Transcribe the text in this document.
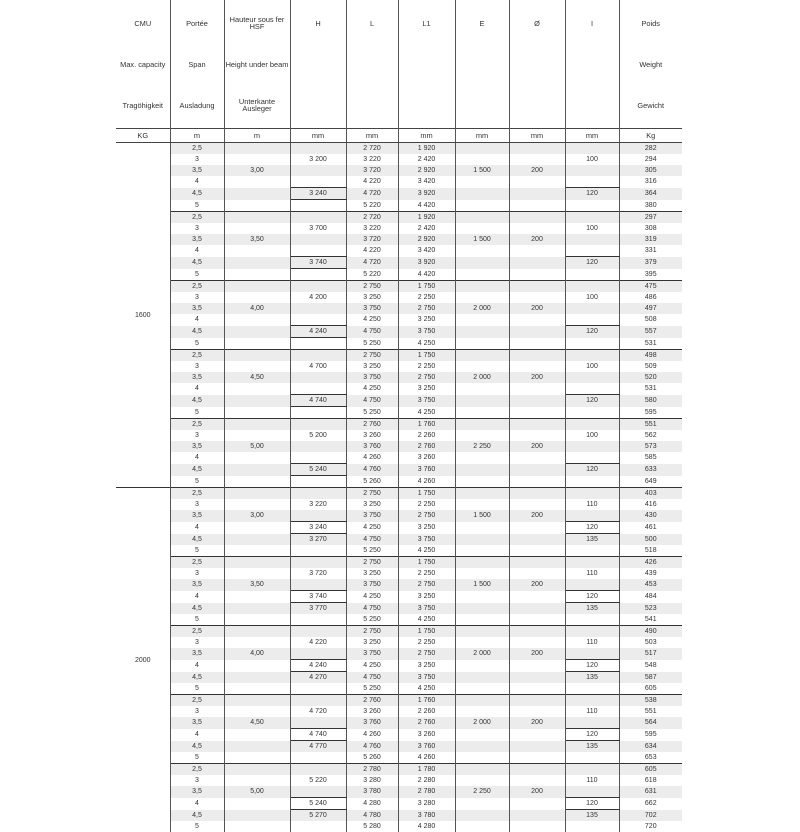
CMU	Portée	Hauteur sous fer HSF	H	L	L1	E	Ø	I	Poids
Max. capacity	Span	Height under beam							Weight
Tragöhigkeit	Ausladung	Unterkante Ausleger							Gewicht
KG	m	m	mm	mm	mm	mm	mm	mm	Kg
1600	2,5			2 720	1 920				282
	3		3 200	3 220	2 420			100	294
	3,5	3,00		3 720	2 920	1 500	200		305
	4			4 220	3 420				316
	4,5		3 240	4 720	3 920			120	364
	5			5 220	4 420				380
	2,5			2 720	1 920				297
	3		3 700	3 220	2 420			100	308
	3,5	3,50		3 720	2 920	1 500	200		319
	4			4 220	3 420				331
	4,5		3 740	4 720	3 920			120	379
	5			5 220	4 420				395
	2,5			2 750	1 750				475
	3		4 200	3 250	2 250			100	486
	3,5	4,00		3 750	2 750	2 000	200		497
	4			4 250	3 250				508
	4,5		4 240	4 750	3 750			120	557
	5			5 250	4 250				531
	2,5			2 750	1 750				498
	3		4 700	3 250	2 250			100	509
	3,5	4,50		3 750	2 750	2 000	200		520
	4			4 250	3 250				531
	4,5		4 740	4 750	3 750			120	580
	5			5 250	4 250				595
	2,5			2 760	1 760				551
	3		5 200	3 260	2 260			100	562
	3,5	5,00		3 760	2 760	2 250	200		573
	4			4 260	3 260				585
	4,5		5 240	4 760	3 760			120	633
	5			5 260	4 260				649
2000	2,5			2 750	1 750				403
	3		3 220	3 250	2 250			110	416
	3,5	3,00		3 750	2 750	1 500	200		430
	4		3 240	4 250	3 250			120	461
	4,5		3 270	4 750	3 750			135	500
	5			5 250	4 250				518
	2,5			2 750	1 750				426
	3		3 720	3 250	2 250			110	439
	3,5	3,50		3 750	2 750	1 500	200		453
	4		3 740	4 250	3 250			120	484
	4,5		3 770	4 750	3 750			135	523
	5			5 250	4 250				541
	2,5			2 750	1 750				490
	3		4 220	3 250	2 250			110	503
	3,5	4,00		3 750	2 750	2 000	200		517
	4		4 240	4 250	3 250			120	548
	4,5		4 270	4 750	3 750			135	587
	5			5 250	4 250				605
	2,5			2 760	1 760				538
	3		4 720	3 260	2 260			110	551
	3,5	4,50		3 760	2 760	2 000	200		564
	4		4 740	4 260	3 260			120	595
	4,5		4 770	4 760	3 760			135	634
	5			5 260	4 260				653
	2,5			2 780	1 780				605
	3		5 220	3 280	2 280			110	618
	3,5	5,00		3 780	2 780	2 250	200		631
	4		5 240	4 280	3 280			120	662
	4,5		5 270	4 780	3 780			135	702
	5			5 280	4 280				720
